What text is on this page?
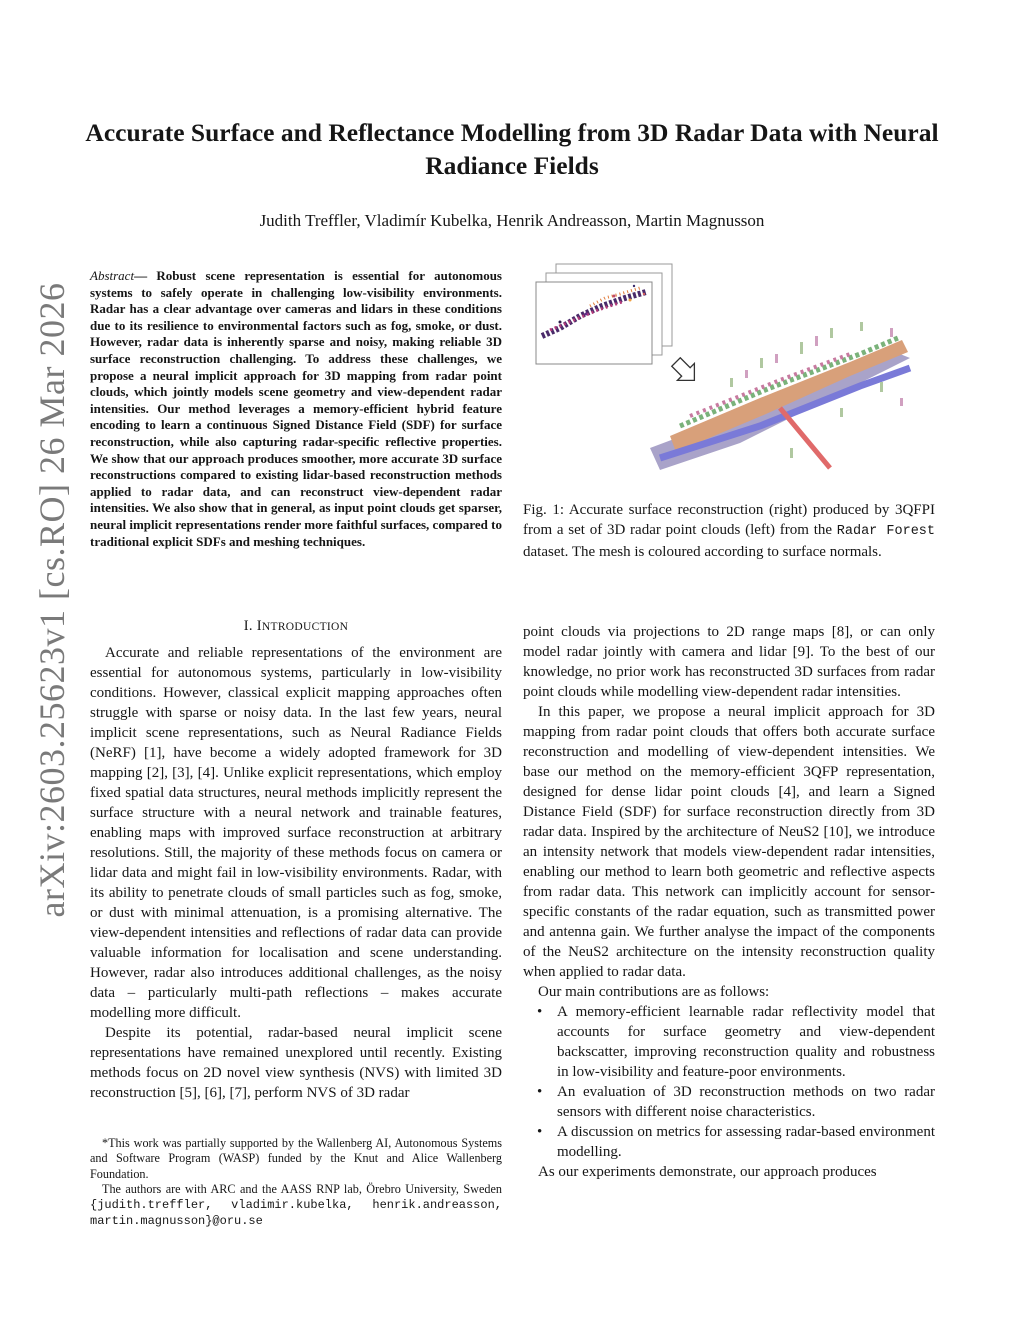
arXiv:2603.25623v1 [cs.RO] 26 Mar 2026
Accurate Surface and Reflectance Modelling from 3D Radar Data with Neural Radiance Fields
Judith Treffler, Vladimír Kubelka, Henrik Andreasson, Martin Magnusson
Abstract— Robust scene representation is essential for autonomous systems to safely operate in challenging low-visibility environments. Radar has a clear advantage over cameras and lidars in these conditions due to its resilience to environmental factors such as fog, smoke, or dust. However, radar data is inherently sparse and noisy, making reliable 3D surface reconstruction challenging. To address these challenges, we propose a neural implicit approach for 3D mapping from radar point clouds, which jointly models scene geometry and view-dependent radar intensities. Our method leverages a memory-efficient hybrid feature encoding to learn a continuous Signed Distance Field (SDF) for surface reconstruction, while also capturing radar-specific reflective properties. We show that our approach produces smoother, more accurate 3D surface reconstructions compared to existing lidar-based reconstruction methods applied to radar data, and can reconstruct view-dependent radar intensities. We also show that in general, as input point clouds get sparser, neural implicit representations render more faithful surfaces, compared to traditional explicit SDFs and meshing techniques.
I. INTRODUCTION

Accurate and reliable representations of the environment are essential for autonomous systems, particularly in low-visibility conditions. However, classical explicit mapping approaches often struggle with sparse or noisy data. In the last few years, neural implicit scene representations, such as Neural Radiance Fields (NeRF) [1], have become a widely adopted framework for 3D mapping [2], [3], [4]. Unlike explicit representations, which employ fixed spatial data structures, neural methods implicitly represent the surface structure with a neural network and trainable features, enabling maps with improved surface reconstruction at arbitrary resolutions. Still, the majority of these methods focus on camera or lidar data and might fail in low-visibility environments. Radar, with its ability to penetrate clouds of small particles such as fog, smoke, or dust with minimal attenuation, is a promising alternative. The view-dependent intensities and reflections of radar data can provide valuable information for localisation and scene understanding. However, radar also introduces additional challenges, as the noisy data – particularly multi-path reflections – makes accurate modelling more difficult.

Despite its potential, radar-based neural implicit scene representations have remained unexplored until recently. Existing methods focus on 2D novel view synthesis (NVS) with limited 3D reconstruction [5], [6], [7], perform NVS of 3D radar

*This work was partially supported by the Wallenberg AI, Autonomous Systems and Software Program (WASP) funded by the Knut and Alice Wallenberg Foundation.

The authors are with ARC and the AASS RNP lab, Örebro University, Sweden {judith.treffler, vladimir.kubelka, henrik.andreasson, martin.magnusson}@oru.se

Fig. 1: Accurate surface reconstruction (right) produced by 3QFPI from a set of 3D radar point clouds (left) from the Radar Forest dataset. The mesh is coloured according to surface normals.

point clouds via projections to 2D range maps [8], or can only model radar jointly with camera and lidar [9]. To the best of our knowledge, no prior work has reconstructed 3D surfaces from radar point clouds while modelling view-dependent radar intensities.

In this paper, we propose a neural implicit approach for 3D mapping from radar point clouds that offers both accurate surface reconstruction and modelling of view-dependent intensities. We base our method on the memory-efficient 3QFP representation, designed for dense lidar point clouds [4], and learn a Signed Distance Field (SDF) for surface reconstruction directly from 3D radar data. Inspired by the architecture of NeuS2 [10], we introduce an intensity network that models view-dependent radar intensities, enabling our method to learn both geometric and reflective aspects from radar data. This network can implicitly account for sensor-specific constants of the radar equation, such as transmitted power and antenna gain. We further analyse the impact of the components of the NeuS2 architecture on the intensity reconstruction quality when applied to radar data.

Our main contributions are as follows:

• A memory-efficient learnable radar reflectivity model that accounts for surface geometry and view-dependent backscatter, improving reconstruction quality and robustness in low-visibility and feature-poor environments.
• An evaluation of 3D reconstruction methods on two radar sensors with different noise characteristics.
• A discussion on metrics for assessing radar-based environment modelling.

As our experiments demonstrate, our approach produces
